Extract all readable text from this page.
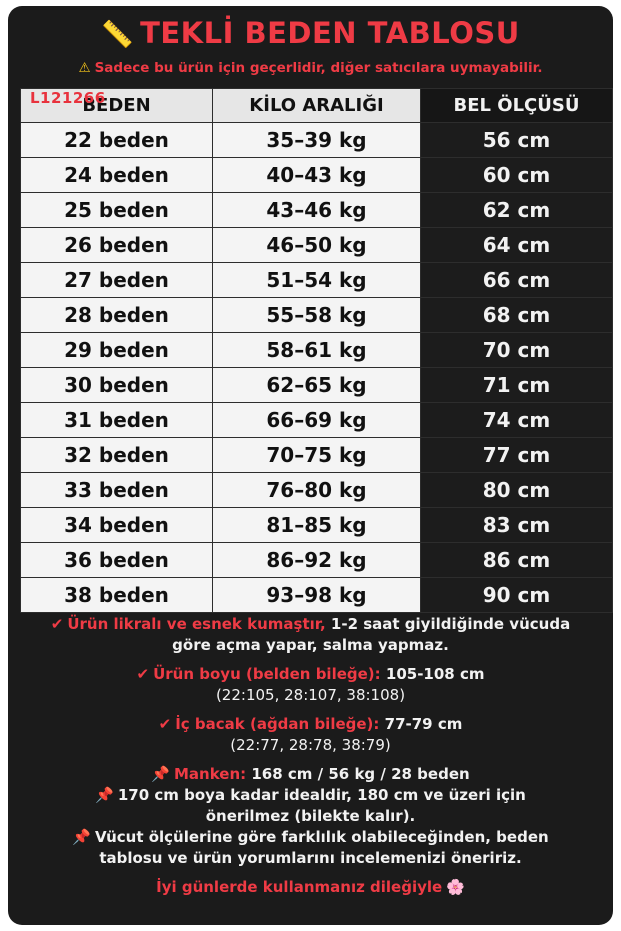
📏 TEKLİ BEDEN TABLOSU
⚠ Sadece bu ürün için geçerlidir, diğer satıcılara uymayabilir.
L121266
BEDEN	KİLO ARALIĞI	BEL ÖLÇÜSÜ
22 beden	35–39 kg	56 cm
24 beden	40–43 kg	60 cm
25 beden	43–46 kg	62 cm
26 beden	46–50 kg	64 cm
27 beden	51–54 kg	66 cm
28 beden	55–58 kg	68 cm
29 beden	58–61 kg	70 cm
30 beden	62–65 kg	71 cm
31 beden	66–69 kg	74 cm
32 beden	70–75 kg	77 cm
33 beden	76–80 kg	80 cm
34 beden	81–85 kg	83 cm
36 beden	86–92 kg	86 cm
38 beden	93–98 kg	90 cm

✔ Ürün likralı ve esnek kumaştır, 1-2 saat giyildiğinde vücuda

göre açma yapar, salma yapmaz.

✔ Ürün boyu (belden bileğe): 105-108 cm

(22:105, 28:107, 38:108)

✔ İç bacak (ağdan bileğe): 77-79 cm

(22:77, 28:78, 38:79)

📌 Manken: 168 cm / 56 kg / 28 beden

📌 170 cm boya kadar idealdir, 180 cm ve üzeri için

önerilmez (bilekte kalır).

📌 Vücut ölçülerine göre farklılık olabileceğinden, beden

tablosu ve ürün yorumlarını incelemenizi öneririz.

İyi günlerde kullanmanız dileğiyle 🌸
